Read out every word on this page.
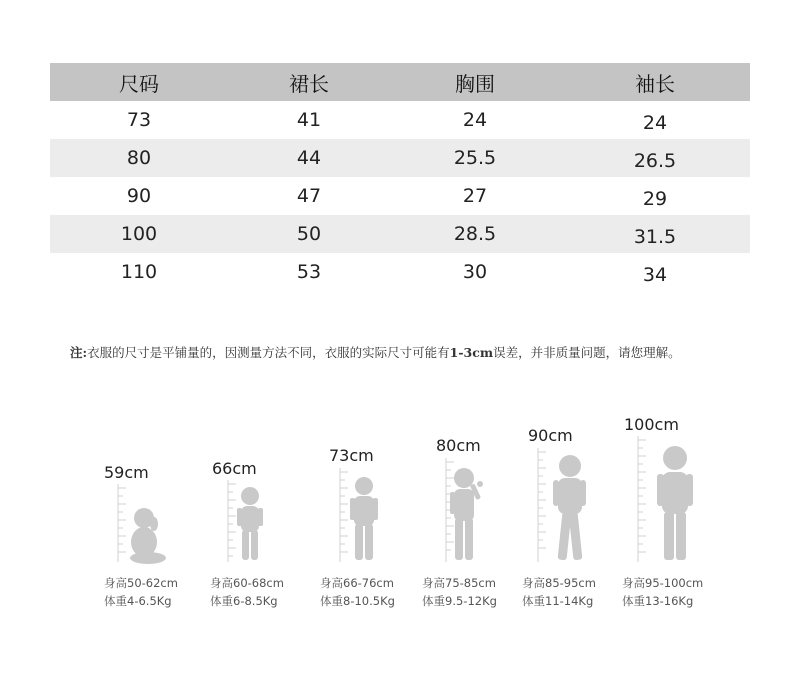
尺码	裙长	胸围	袖长
73	41	24	24
80	44	25.5	26.5
90	47	27	29
100	50	28.5	31.5
110	53	30	34
注:衣服的尺寸是平铺量的，因测量方法不同，衣服的实际尺寸可能有1-3cm误差，并非质量问题，请您理解。
59cm
身高50-62cm
体重4-6.5Kg
66cm
身高60-68cm
体重6-8.5Kg
73cm
身高66-76cm
体重8-10.5Kg
80cm
身高75-85cm
体重9.5-12Kg
90cm
身高85-95cm
体重11-14Kg
100cm
身高95-100cm
体重13-16Kg
